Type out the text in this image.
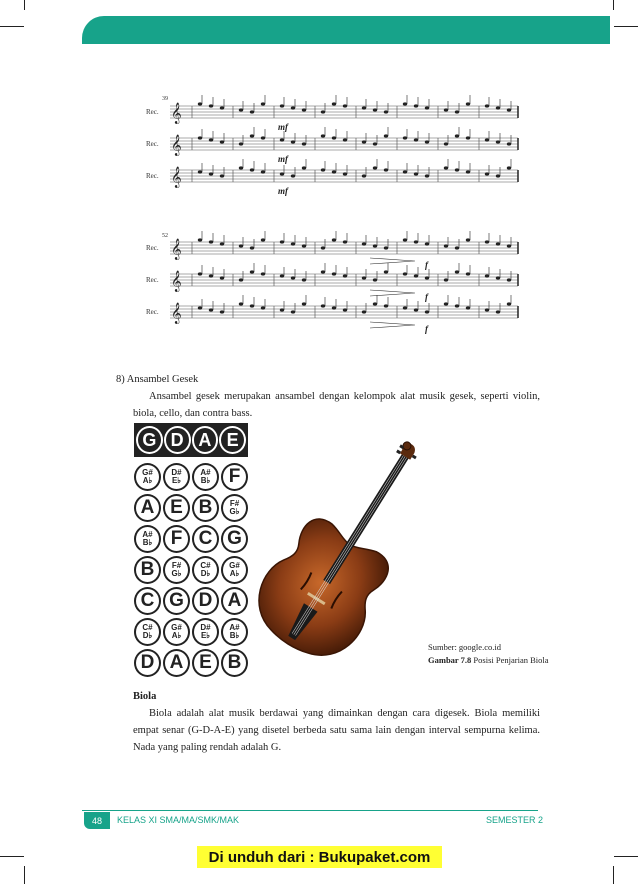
39
Rec. 𝄞
mf
Rec. 𝄞
mf
Rec. 𝄞
mf
52
Rec. 𝄞
Rec. 𝄞
Rec. 𝄞
f
f
f
8) Ansambel Gesek

Ansambel gesek merupakan ansambel dengan kelompok alat musik gesek, seperti violin, biola, cello, dan contra bass.

G D A E
G#
A♭
D#
E♭
A#
B♭ F
A E B F#
G♭
A#
B♭ F C G
B F#
G♭
C#
D♭
G#
A♭
C G D A
C#
D♭
G#
A♭
D#
E♭
A#
B♭
D A E B
Sumber: google.co.id
Gambar 7.8 Posisi Penjarian Biola
Biola

Biola adalah alat musik berdawai yang dimainkan dengan cara digesek. Biola memiliki empat senar (G-D-A-E) yang disetel berbeda satu sama lain dengan interval sempurna kelima. Nada yang paling rendah adalah G.

48	KELAS XI SMA/MA/SMK/MAK	SEMESTER 2
Di unduh dari : Bukupaket.com
